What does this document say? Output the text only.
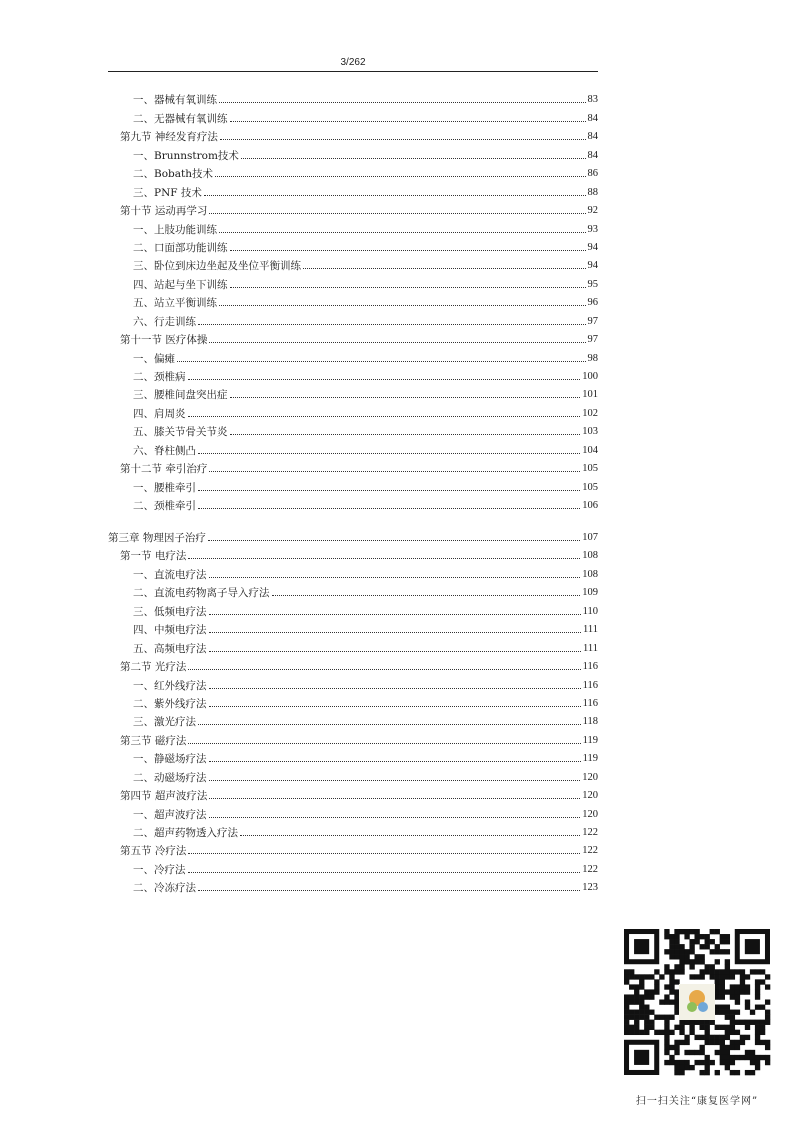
3/262
一、器械有氧训练	83
二、无器械有氧训练	84
第九节 神经发育疗法	84
一、Brunnstrom技术	84
二、Bobath技术	86
三、PNF 技术	88
第十节 运动再学习	92
一、上肢功能训练	93
二、口面部功能训练	94
三、卧位到床边坐起及坐位平衡训练	94
四、站起与坐下训练	95
五、站立平衡训练	96
六、行走训练	97
第十一节 医疗体操	97
一、偏瘫	98
二、颈椎病	100
三、腰椎间盘突出症	101
四、肩周炎	102
五、膝关节骨关节炎	103
六、脊柱侧凸	104
第十二节 牵引治疗	105
一、腰椎牵引	105
二、颈椎牵引	106
第三章 物理因子治疗	107
第一节 电疗法	108
一、直流电疗法	108
二、直流电药物离子导入疗法	109
三、低频电疗法	110
四、中频电疗法	111
五、高频电疗法	111
第二节 光疗法	116
一、红外线疗法	116
二、紫外线疗法	116
三、激光疗法	118
第三节 磁疗法	119
一、静磁场疗法	119
二、动磁场疗法	120
第四节 超声波疗法	120
一、超声波疗法	120
二、超声药物透入疗法	122
第五节 冷疗法	122
一、冷疗法	122
二、冷冻疗法	123
扫一扫关注“康复医学网”
